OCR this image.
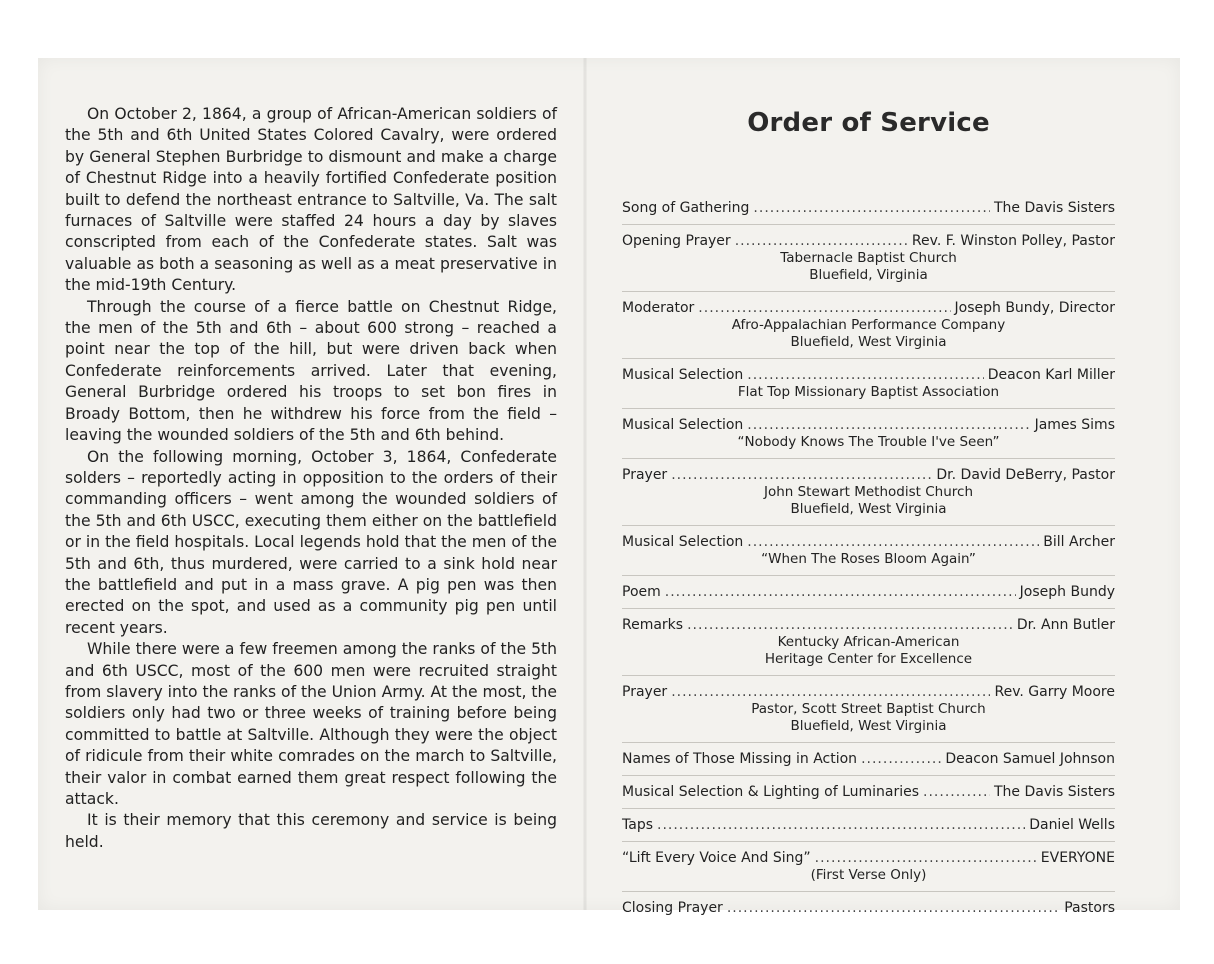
On October 2, 1864, a group of African-American soldiers of the 5th and 6th United States Colored Cavalry, were ordered by General Stephen Burbridge to dismount and make a charge of Chestnut Ridge into a heavily fortified Confederate position built to defend the northeast entrance to Saltville, Va. The salt furnaces of Saltville were staffed 24 hours a day by slaves conscripted from each of the Confederate states. Salt was valuable as both a seasoning as well as a meat preservative in the mid-19th Century.

Through the course of a fierce battle on Chestnut Ridge, the men of the 5th and 6th – about 600 strong – reached a point near the top of the hill, but were driven back when Confederate reinforcements arrived. Later that evening, General Burbridge ordered his troops to set bon fires in Broady Bottom, then he withdrew his force from the field – leaving the wounded soldiers of the 5th and 6th behind.

On the following morning, October 3, 1864, Confederate solders – reportedly acting in opposition to the orders of their commanding officers – went among the wounded soldiers of the 5th and 6th USCC, executing them either on the battlefield or in the field hospitals. Local legends hold that the men of the 5th and 6th, thus murdered, were carried to a sink hold near the battlefield and put in a mass grave. A pig pen was then erected on the spot, and used as a community pig pen until recent years.

While there were a few freemen among the ranks of the 5th and 6th USCC, most of the 600 men were recruited straight from slavery into the ranks of the Union Army. At the most, the soldiers only had two or three weeks of training before being committed to battle at Saltville. Although they were the object of ridicule from their white comrades on the march to Saltville, their valor in combat earned them great respect following the attack.

It is their memory that this ceremony and service is being held.

Order of Service
Song of Gathering .....	The Davis Sisters
Opening Prayer .....	Rev. F. Winston Polley, Pastor
Tabernacle Baptist Church
Bluefield, Virginia
Moderator .....	Joseph Bundy, Director
Afro-Appalachian Performance Company
Bluefield, West Virginia
Musical Selection .....	Deacon Karl Miller
Flat Top Missionary Baptist Association
Musical Selection .....	James Sims
“Nobody Knows The Trouble I've Seen”
Prayer .....	Dr. David DeBerry, Pastor
John Stewart Methodist Church
Bluefield, West Virginia
Musical Selection .....	Bill Archer
“When The Roses Bloom Again”
Poem .....	Joseph Bundy
Remarks .....	Dr. Ann Butler
Kentucky African-American
Heritage Center for Excellence
Prayer .....	Rev. Garry Moore
Pastor, Scott Street Baptist Church
Bluefield, West Virginia
Names of Those Missing in Action .....	Deacon Samuel Johnson
Musical Selection & Lighting of Luminaries .....	The Davis Sisters
Taps .....	Daniel Wells
“Lift Every Voice And Sing” .....	EVERYONE
(First Verse Only)
Closing Prayer .....	Pastors
